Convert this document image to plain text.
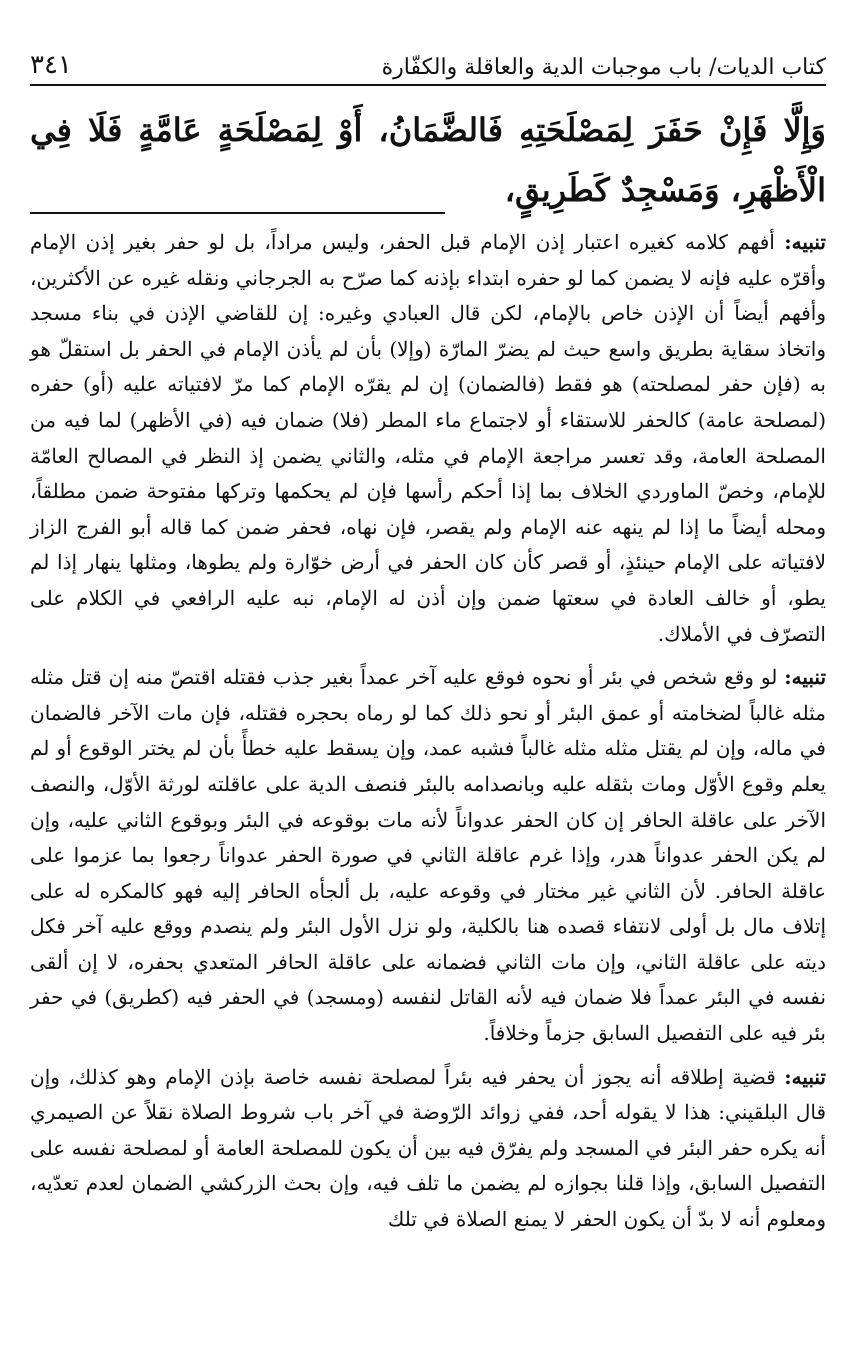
كتاب الديات/ باب موجبات الدية والعاقلة والكفّارة
٣٤١
وَإِلَّا فَإِنْ حَفَرَ لِمَصْلَحَتِهِ فَالضَّمَانُ، أَوْ لِمَصْلَحَةٍ عَامَّةٍ فَلَا فِي الْأَظْهَرِ، وَمَسْجِدٌ كَطَرِيقٍ،

تنبيه: أفهم كلامه كغيره اعتبار إذن الإمام قبل الحفر، وليس مراداً، بل لو حفر بغير إذن الإمام وأقرّه عليه فإنه لا يضمن كما لو حفره ابتداء بإذنه كما صرّح به الجرجاني ونقله غيره عن الأكثرين، وأفهم أيضاً أن الإذن خاص بالإمام، لكن قال العبادي وغيره: إن للقاضي الإذن في بناء مسجد واتخاذ سقاية بطريق واسع حيث لم يضرّ المارّة (وإلا) بأن لم يأذن الإمام في الحفر بل استقلّ هو به (فإن حفر لمصلحته) هو فقط (فالضمان) إن لم يقرّه الإمام كما مرّ لافتياته عليه (أو) حفره (لمصلحة عامة) كالحفر للاستقاء أو لاجتماع ماء المطر (فلا) ضمان فيه (في الأظهر) لما فيه من المصلحة العامة، وقد تعسر مراجعة الإمام في مثله، والثاني يضمن إذ النظر في المصالح العامّة للإمام، وخصّ الماوردي الخلاف بما إذا أحكم رأسها فإن لم يحكمها وتركها مفتوحة ضمن مطلقاً، ومحله أيضاً ما إذا لم ينهه عنه الإمام ولم يقصر، فإن نهاه، فحفر ضمن كما قاله أبو الفرج الزاز لافتياته على الإمام حينئذٍ، أو قصر كأن كان الحفر في أرض خوّارة ولم يطوها، ومثلها ينهار إذا لم يطو، أو خالف العادة في سعتها ضمن وإن أذن له الإمام، نبه عليه الرافعي في الكلام على التصرّف في الأملاك.

تنبيه: لو وقع شخص في بئر أو نحوه فوقع عليه آخر عمداً بغير جذب فقتله اقتصّ منه إن قتل مثله مثله غالباً لضخامته أو عمق البئر أو نحو ذلك كما لو رماه بحجره فقتله، فإن مات الآخر فالضمان في ماله، وإن لم يقتل مثله مثله غالباً فشبه عمد، وإن يسقط عليه خطأً بأن لم يختر الوقوع أو لم يعلم وقوع الأوّل ومات بثقله عليه وبانصدامه بالبئر فنصف الدية على عاقلته لورثة الأوّل، والنصف الآخر على عاقلة الحافر إن كان الحفر عدواناً لأنه مات بوقوعه في البئر وبوقوع الثاني عليه، وإن لم يكن الحفر عدواناً هدر، وإذا غرم عاقلة الثاني في صورة الحفر عدواناً رجعوا بما عزموا على عاقلة الحافر. لأن الثاني غير مختار في وقوعه عليه، بل ألجأه الحافر إليه فهو كالمكره له على إتلاف مال بل أولى لانتفاء قصده هنا بالكلية، ولو نزل الأول البئر ولم ينصدم ووقع عليه آخر فكل ديته على عاقلة الثاني، وإن مات الثاني فضمانه على عاقلة الحافر المتعدي بحفره، لا إن ألقى نفسه في البئر عمداً فلا ضمان فيه لأنه القاتل لنفسه (ومسجد) في الحفر فيه (كطريق) في حفر بئر فيه على التفصيل السابق جزماً وخلافاً.

تنبيه: قضية إطلاقه أنه يجوز أن يحفر فيه بئراً لمصلحة نفسه خاصة بإذن الإمام وهو كذلك، وإن قال البلقيني: هذا لا يقوله أحد، ففي زوائد الرّوضة في آخر باب شروط الصلاة نقلاً عن الصيمري أنه يكره حفر البئر في المسجد ولم يفرّق فيه بين أن يكون للمصلحة العامة أو لمصلحة نفسه على التفصيل السابق، وإذا قلنا بجوازه لم يضمن ما تلف فيه، وإن بحث الزركشي الضمان لعدم تعدّيه، ومعلوم أنه لا بدّ أن يكون الحفر لا يمنع الصلاة في تلك
